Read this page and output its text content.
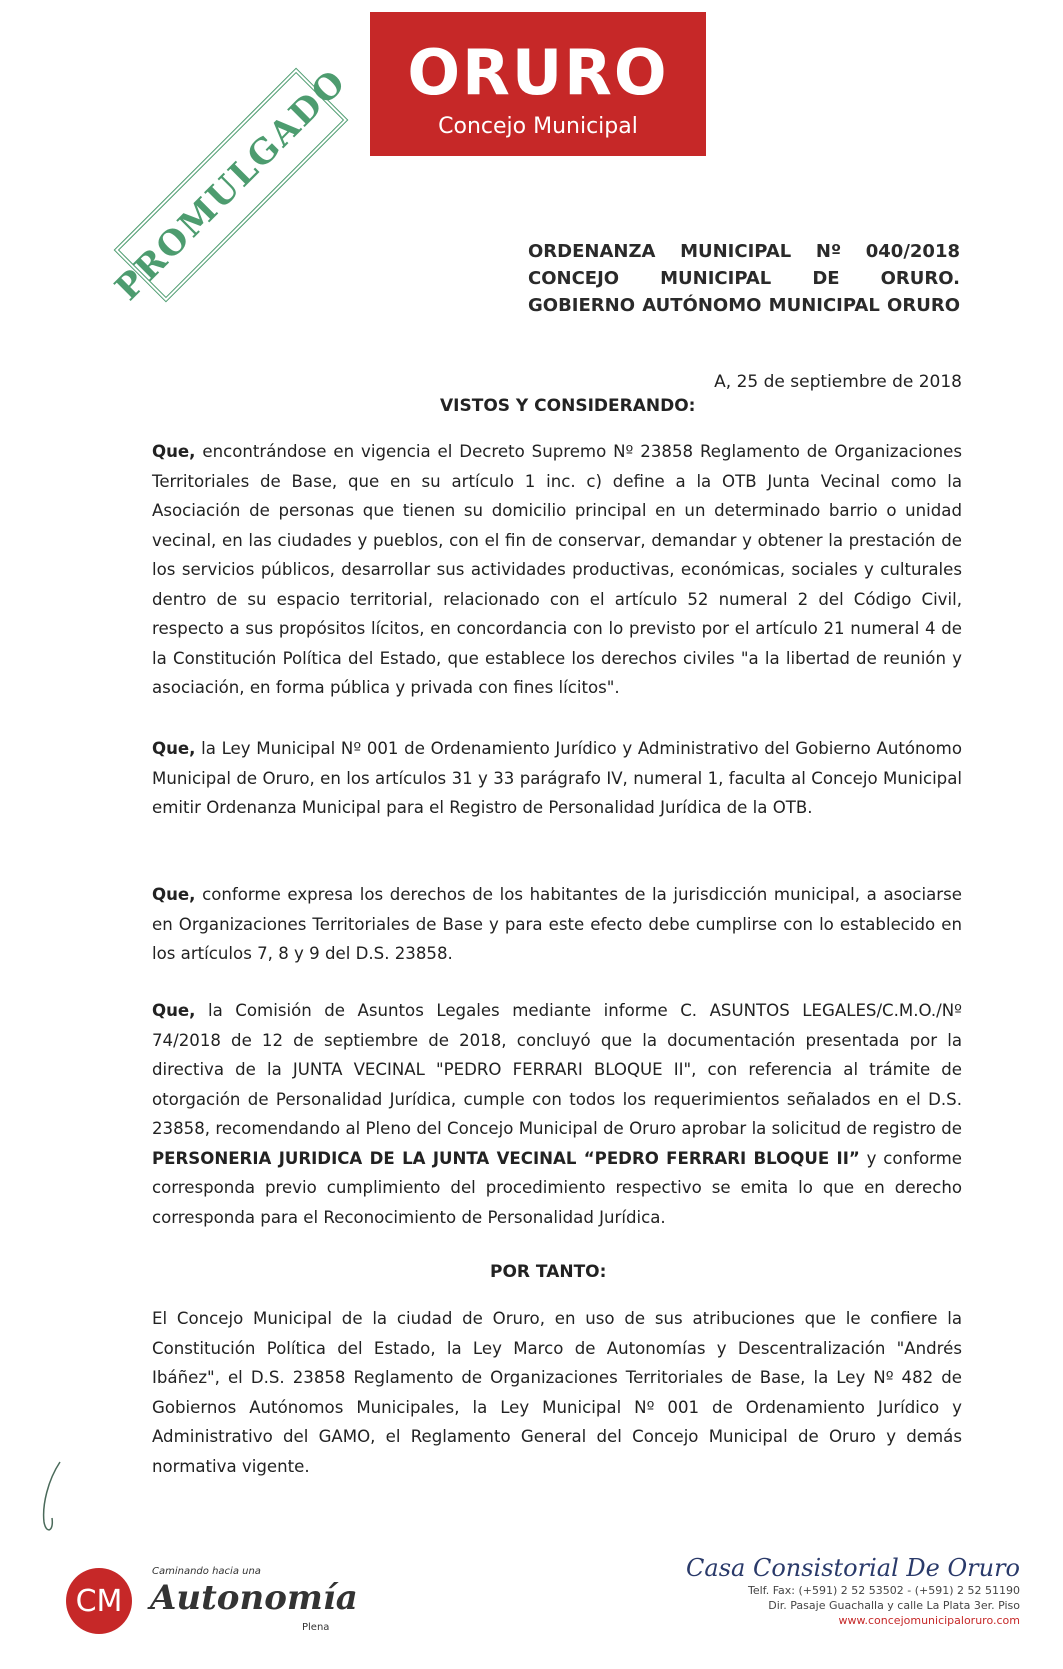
ORURO
Concejo Municipal
PROMULGADO	ORDENANZA MUNICIPAL Nº 040/2018
CONCEJO MUNICIPAL DE ORURO.
GOBIERNO AUTÓNOMO MUNICIPAL ORURO
A, 25 de septiembre de 2018
VISTOS Y CONSIDERANDO:
Que, encontrándose en vigencia el Decreto Supremo Nº 23858 Reglamento de Organizaciones Territoriales de Base, que en su artículo 1 inc. c) define a la OTB Junta Vecinal como la Asociación de personas que tienen su domicilio principal en un determinado barrio o unidad vecinal, en las ciudades y pueblos, con el fin de conservar, demandar y obtener la prestación de los servicios públicos, desarrollar sus actividades productivas, económicas, sociales y culturales dentro de su espacio territorial, relacionado con el artículo 52 numeral 2 del Código Civil, respecto a sus propósitos lícitos, en concordancia con lo previsto por el artículo 21 numeral 4 de la Constitución Política del Estado, que establece los derechos civiles "a la libertad de reunión y asociación, en forma pública y privada con fines lícitos".
Que, la Ley Municipal Nº 001 de Ordenamiento Jurídico y Administrativo del Gobierno Autónomo Municipal de Oruro, en los artículos 31 y 33 parágrafo IV, numeral 1, faculta al Concejo Municipal emitir Ordenanza Municipal para el Registro de Personalidad Jurídica de la OTB.
Que, conforme expresa los derechos de los habitantes de la jurisdicción municipal, a asociarse en Organizaciones Territoriales de Base y para este efecto debe cumplirse con lo establecido en los artículos 7, 8 y 9 del D.S. 23858.
Que, la Comisión de Asuntos Legales mediante informe C. ASUNTOS LEGALES/C.M.O./Nº 74/2018 de 12 de septiembre de 2018, concluyó que la documentación presentada por la directiva de la JUNTA VECINAL "PEDRO FERRARI BLOQUE II", con referencia al trámite de otorgación de Personalidad Jurídica, cumple con todos los requerimientos señalados en el D.S. 23858, recomendando al Pleno del Concejo Municipal de Oruro aprobar la solicitud de registro de PERSONERIA JURIDICA DE LA JUNTA VECINAL “PEDRO FERRARI BLOQUE II” y conforme corresponda previo cumplimiento del procedimiento respectivo se emita lo que en derecho corresponda para el Reconocimiento de Personalidad Jurídica.
POR TANTO:
El Concejo Municipal de la ciudad de Oruro, en uso de sus atribuciones que le confiere la Constitución Política del Estado, la Ley Marco de Autonomías y Descentralización "Andrés Ibáñez", el D.S. 23858 Reglamento de Organizaciones Territoriales de Base, la Ley Nº 482 de Gobiernos Autónomos Municipales, la Ley Municipal Nº 001 de Ordenamiento Jurídico y Administrativo del GAMO, el Reglamento General del Concejo Municipal de Oruro y demás normativa vigente.
CM
Caminando hacia una
Autonomía
Plena
Casa Consistorial De Oruro
Telf. Fax: (+591) 2 52 53502 - (+591) 2 52 51190
Dir. Pasaje Guachalla y calle La Plata 3er. Piso
www.concejomunicipaloruro.com
